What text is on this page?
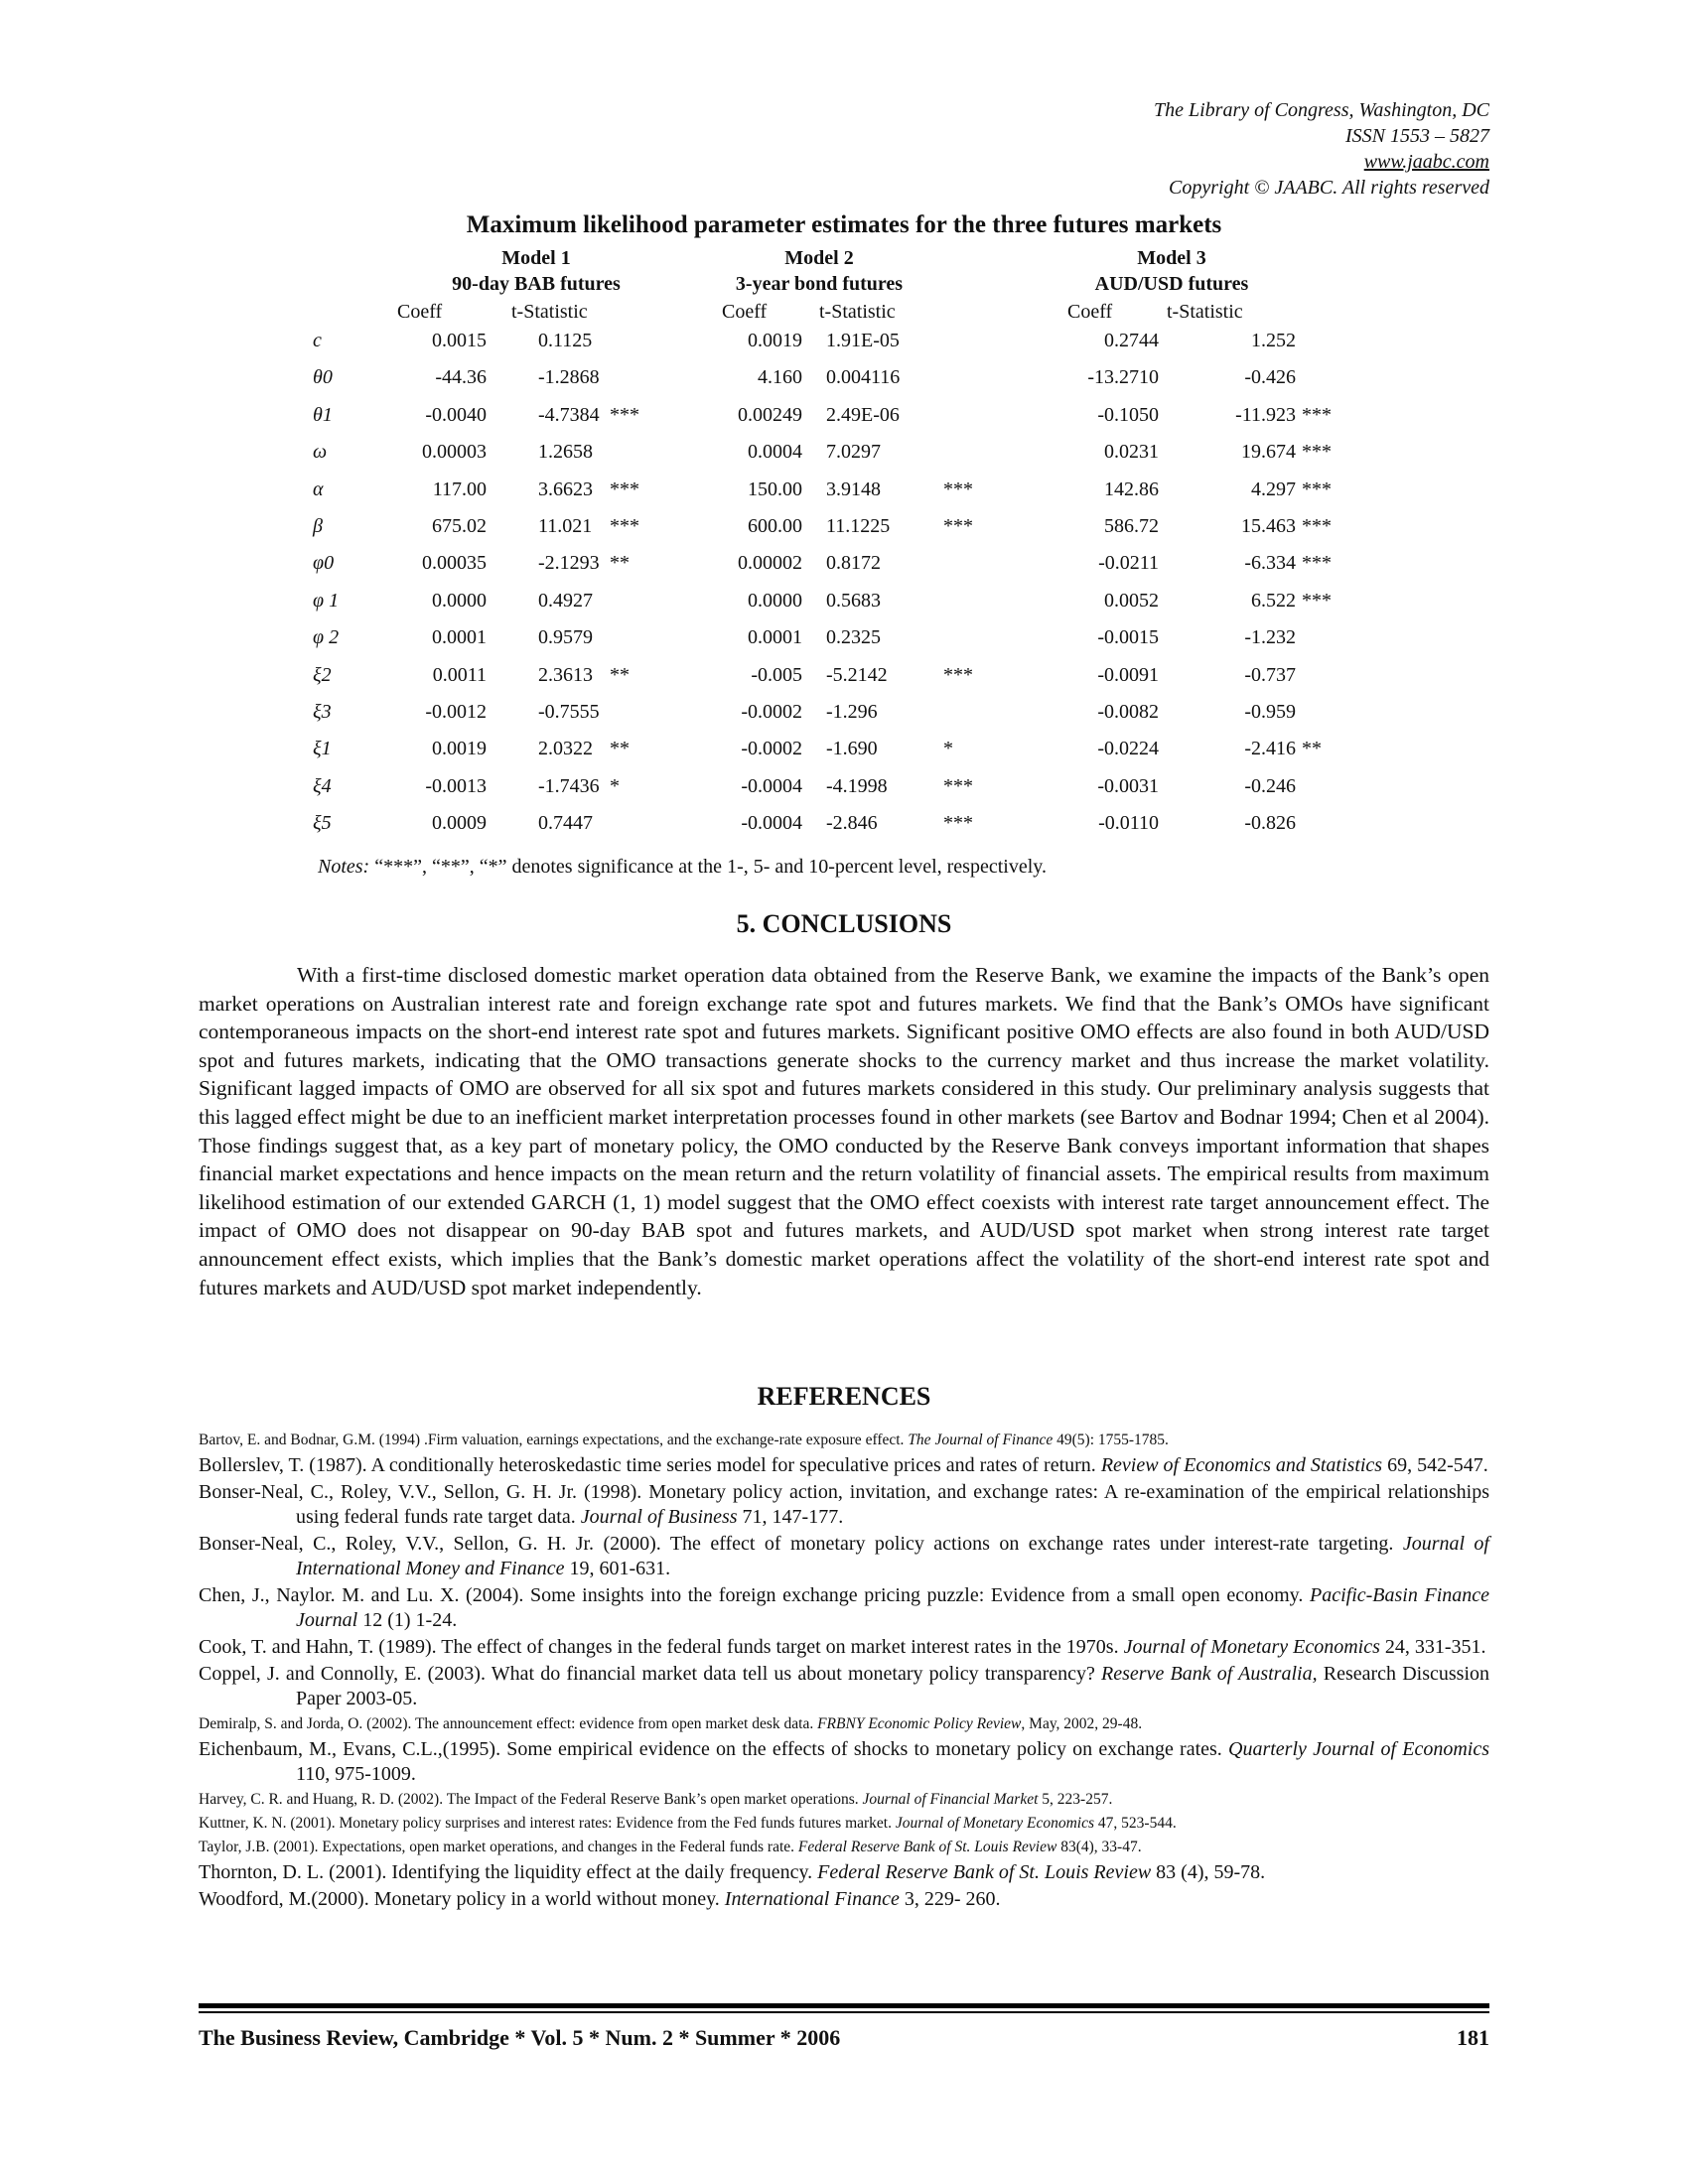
The Library of Congress, Washington, DC
ISSN 1553 – 5827
www.jaabc.com
Copyright © JAABC. All rights reserved
Maximum likelihood parameter estimates for the three futures markets
Model 1
90-day BAB futures
Model 2
3-year bond futures
Model 3
AUD/USD futures
Coeff	t-Statistic	Coeff	t-Statistic	Coeff	t-Statistic
c	0.0015	0.1125	0.0019 1.91E-05	0.2744	1.252
θ0	-44.36	-1.2868	4.160 0.004116	-13.2710	-0.426
θ1	-0.0040	-4.7384 ***	0.00249 2.49E-06	-0.1050	-11.923 ***
ω	0.00003	1.2658	0.0004 7.0297	0.0231	19.674 ***
α	117.00	3.6623 ***	150.00 3.9148	***	142.86	4.297 ***
β	675.02	11.021 ***	600.00 11.1225	***	586.72	15.463 ***
φ0	0.00035	-2.1293 **	0.00002 0.8172	-0.0211	-6.334 ***
φ 1	0.0000	0.4927	0.0000 0.5683	0.0052	6.522 ***
φ 2	0.0001	0.9579	0.0001 0.2325	-0.0015	-1.232
ξ2	0.0011	2.3613 **	-0.005 -5.2142	***	-0.0091	-0.737
ξ3	-0.0012	-0.7555	-0.0002 -1.296	-0.0082	-0.959
ξ1	0.0019	2.0322 **	-0.0002 -1.690	*	-0.0224	-2.416 **
ξ4	-0.0013	-1.7436 *	-0.0004 -4.1998	***	-0.0031	-0.246
ξ5	0.0009	0.7447	-0.0004 -2.846	***	-0.0110	-0.826
Notes: “***”, “**”, “*” denotes significance at the 1-, 5- and 10-percent level, respectively.
5. CONCLUSIONS

With a first-time disclosed domestic market operation data obtained from the Reserve Bank, we examine the impacts of the Bank’s open market operations on Australian interest rate and foreign exchange rate spot and futures markets. We find that the Bank’s OMOs have significant contemporaneous impacts on the short-end interest rate spot and futures markets. Significant positive OMO effects are also found in both AUD/USD spot and futures markets, indicating that the OMO transactions generate shocks to the currency market and thus increase the market volatility. Significant lagged impacts of OMO are observed for all six spot and futures markets considered in this study. Our preliminary analysis suggests that this lagged effect might be due to an inefficient market interpretation processes found in other markets (see Bartov and Bodnar 1994; Chen et al 2004). Those findings suggest that, as a key part of monetary policy, the OMO conducted by the Reserve Bank conveys important information that shapes financial market expectations and hence impacts on the mean return and the return volatility of financial assets. The empirical results from maximum likelihood estimation of our extended GARCH (1, 1) model suggest that the OMO effect coexists with interest rate target announcement effect. The impact of OMO does not disappear on 90-day BAB spot and futures markets, and AUD/USD spot market when strong interest rate target announcement effect exists, which implies that the Bank’s domestic market operations affect the volatility of the short-end interest rate spot and futures markets and AUD/USD spot market independently.

REFERENCES
Bartov, E. and Bodnar, G.M. (1994) .Firm valuation, earnings expectations, and the exchange-rate exposure effect. The Journal of Finance 49(5): 1755-1785.
Bollerslev, T. (1987). A conditionally heteroskedastic time series model for speculative prices and rates of return. Review of Economics and Statistics 69, 542-547.
Bonser-Neal, C., Roley, V.V., Sellon, G. H. Jr. (1998). Monetary policy action, invitation, and exchange rates: A re-examination of the empirical relationships using federal funds rate target data. Journal of Business 71, 147-177.
Bonser-Neal, C., Roley, V.V., Sellon, G. H. Jr. (2000). The effect of monetary policy actions on exchange rates under interest-rate targeting. Journal of International Money and Finance 19, 601-631.
Chen, J., Naylor. M. and Lu. X. (2004). Some insights into the foreign exchange pricing puzzle: Evidence from a small open economy. Pacific-Basin Finance Journal 12 (1) 1-24.
Cook, T. and Hahn, T. (1989). The effect of changes in the federal funds target on market interest rates in the 1970s. Journal of Monetary Economics 24, 331-351.
Coppel, J. and Connolly, E. (2003). What do financial market data tell us about monetary policy transparency? Reserve Bank of Australia, Research Discussion Paper 2003-05.
Demiralp, S. and Jorda, O. (2002). The announcement effect: evidence from open market desk data. FRBNY Economic Policy Review, May, 2002, 29-48.
Eichenbaum, M., Evans, C.L.,(1995). Some empirical evidence on the effects of shocks to monetary policy on exchange rates. Quarterly Journal of Economics 110, 975-1009.
Harvey, C. R. and Huang, R. D. (2002). The Impact of the Federal Reserve Bank’s open market operations. Journal of Financial Market 5, 223-257.
Kuttner, K. N. (2001). Monetary policy surprises and interest rates: Evidence from the Fed funds futures market. Journal of Monetary Economics 47, 523-544.
Taylor, J.B. (2001). Expectations, open market operations, and changes in the Federal funds rate. Federal Reserve Bank of St. Louis Review 83(4), 33-47.
Thornton, D. L. (2001). Identifying the liquidity effect at the daily frequency. Federal Reserve Bank of St. Louis Review 83 (4), 59-78.
Woodford, M.(2000). Monetary policy in a world without money. International Finance 3, 229- 260.
The Business Review, Cambridge * Vol. 5 * Num. 2 * Summer * 2006	181
